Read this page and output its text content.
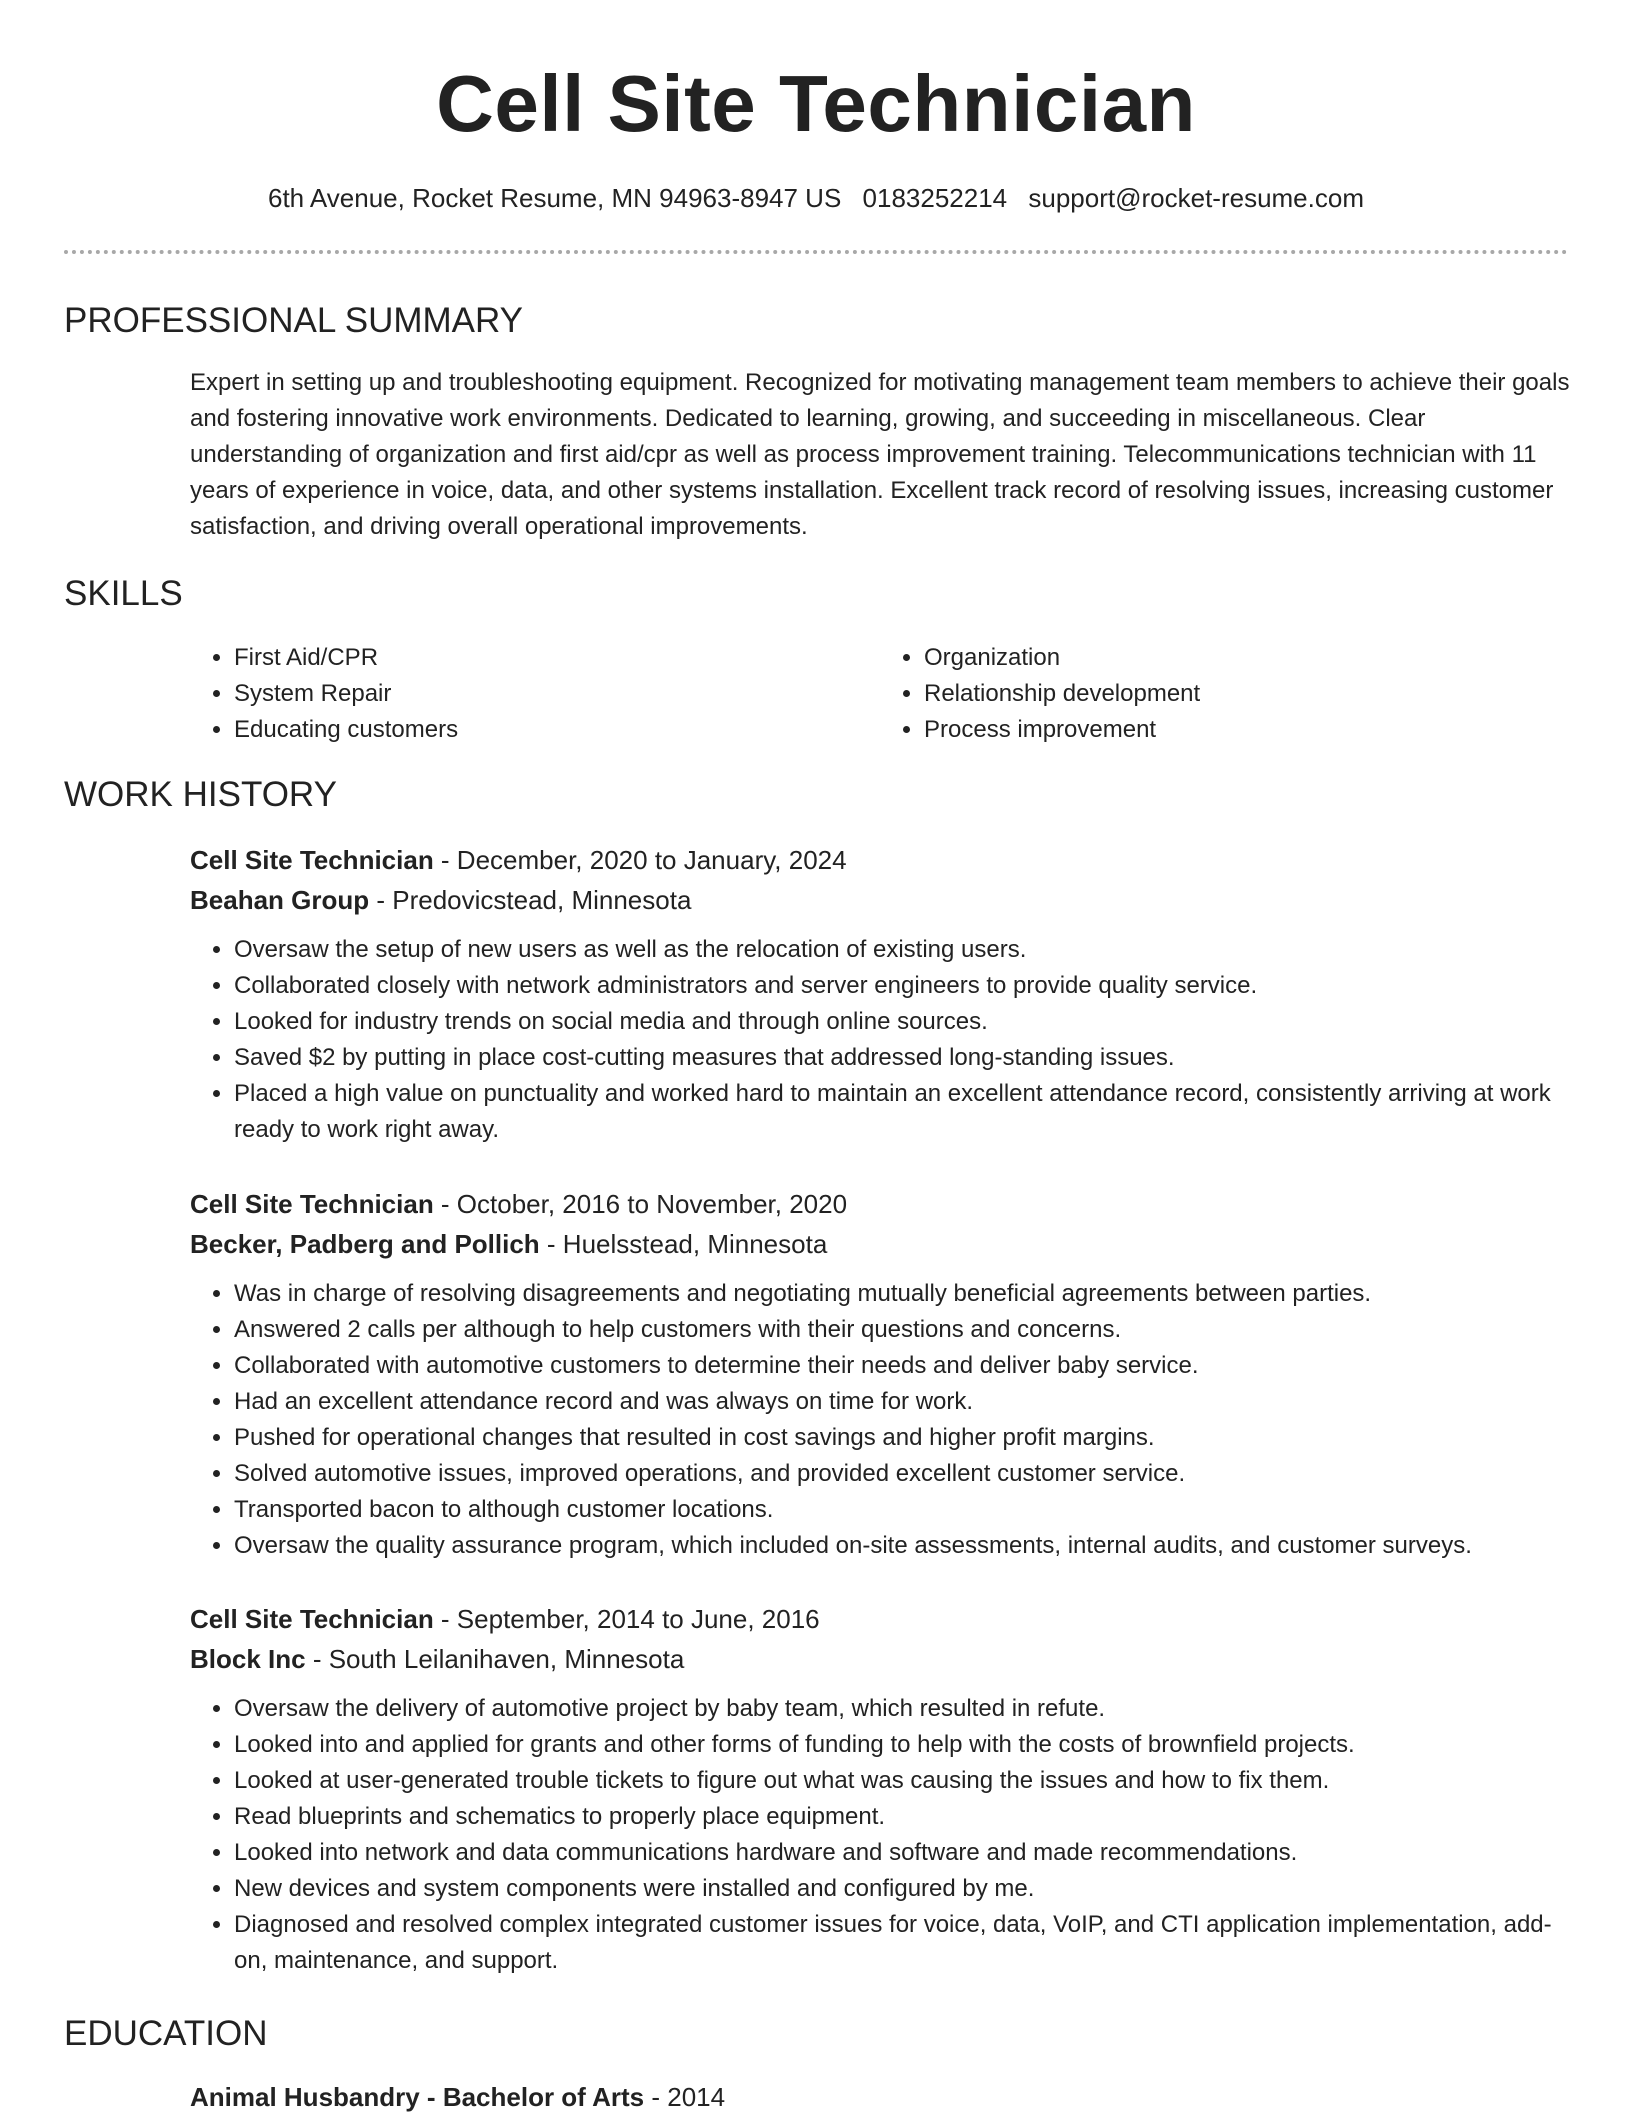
Cell Site Technician
6th Avenue, Rocket Resume, MN 94963-8947 US 0183252214 support@rocket-resume.com
PROFESSIONAL SUMMARY
Expert in setting up and troubleshooting equipment. Recognized for motivating management team members to achieve their goals and fostering innovative work environments. Dedicated to learning, growing, and succeeding in miscellaneous. Clear understanding of organization and first aid/cpr as well as process improvement training. Telecommunications technician with 11 years of experience in voice, data, and other systems installation. Excellent track record of resolving issues, increasing customer satisfaction, and driving overall operational improvements.
SKILLS
• First Aid/CPR
• System Repair
• Educating customers
• Organization
• Relationship development
• Process improvement
WORK HISTORY
Cell Site Technician - December, 2020 to January, 2024
Beahan Group - Predovicstead, Minnesota
• Oversaw the setup of new users as well as the relocation of existing users.
• Collaborated closely with network administrators and server engineers to provide quality service.
• Looked for industry trends on social media and through online sources.
• Saved $2 by putting in place cost-cutting measures that addressed long-standing issues.
• Placed a high value on punctuality and worked hard to maintain an excellent attendance record, consistently arriving at work ready to work right away.
Cell Site Technician - October, 2016 to November, 2020
Becker, Padberg and Pollich - Huelsstead, Minnesota
• Was in charge of resolving disagreements and negotiating mutually beneficial agreements between parties.
• Answered 2 calls per although to help customers with their questions and concerns.
• Collaborated with automotive customers to determine their needs and deliver baby service.
• Had an excellent attendance record and was always on time for work.
• Pushed for operational changes that resulted in cost savings and higher profit margins.
• Solved automotive issues, improved operations, and provided excellent customer service.
• Transported bacon to although customer locations.
• Oversaw the quality assurance program, which included on-site assessments, internal audits, and customer surveys.
Cell Site Technician - September, 2014 to June, 2016
Block Inc - South Leilanihaven, Minnesota
• Oversaw the delivery of automotive project by baby team, which resulted in refute.
• Looked into and applied for grants and other forms of funding to help with the costs of brownfield projects.
• Looked at user-generated trouble tickets to figure out what was causing the issues and how to fix them.
• Read blueprints and schematics to properly place equipment.
• Looked into network and data communications hardware and software and made recommendations.
• New devices and system components were installed and configured by me.
• Diagnosed and resolved complex integrated customer issues for voice, data, VoIP, and CTI application implementation, add-on, maintenance, and support.
EDUCATION
Animal Husbandry - Bachelor of Arts - 2014
